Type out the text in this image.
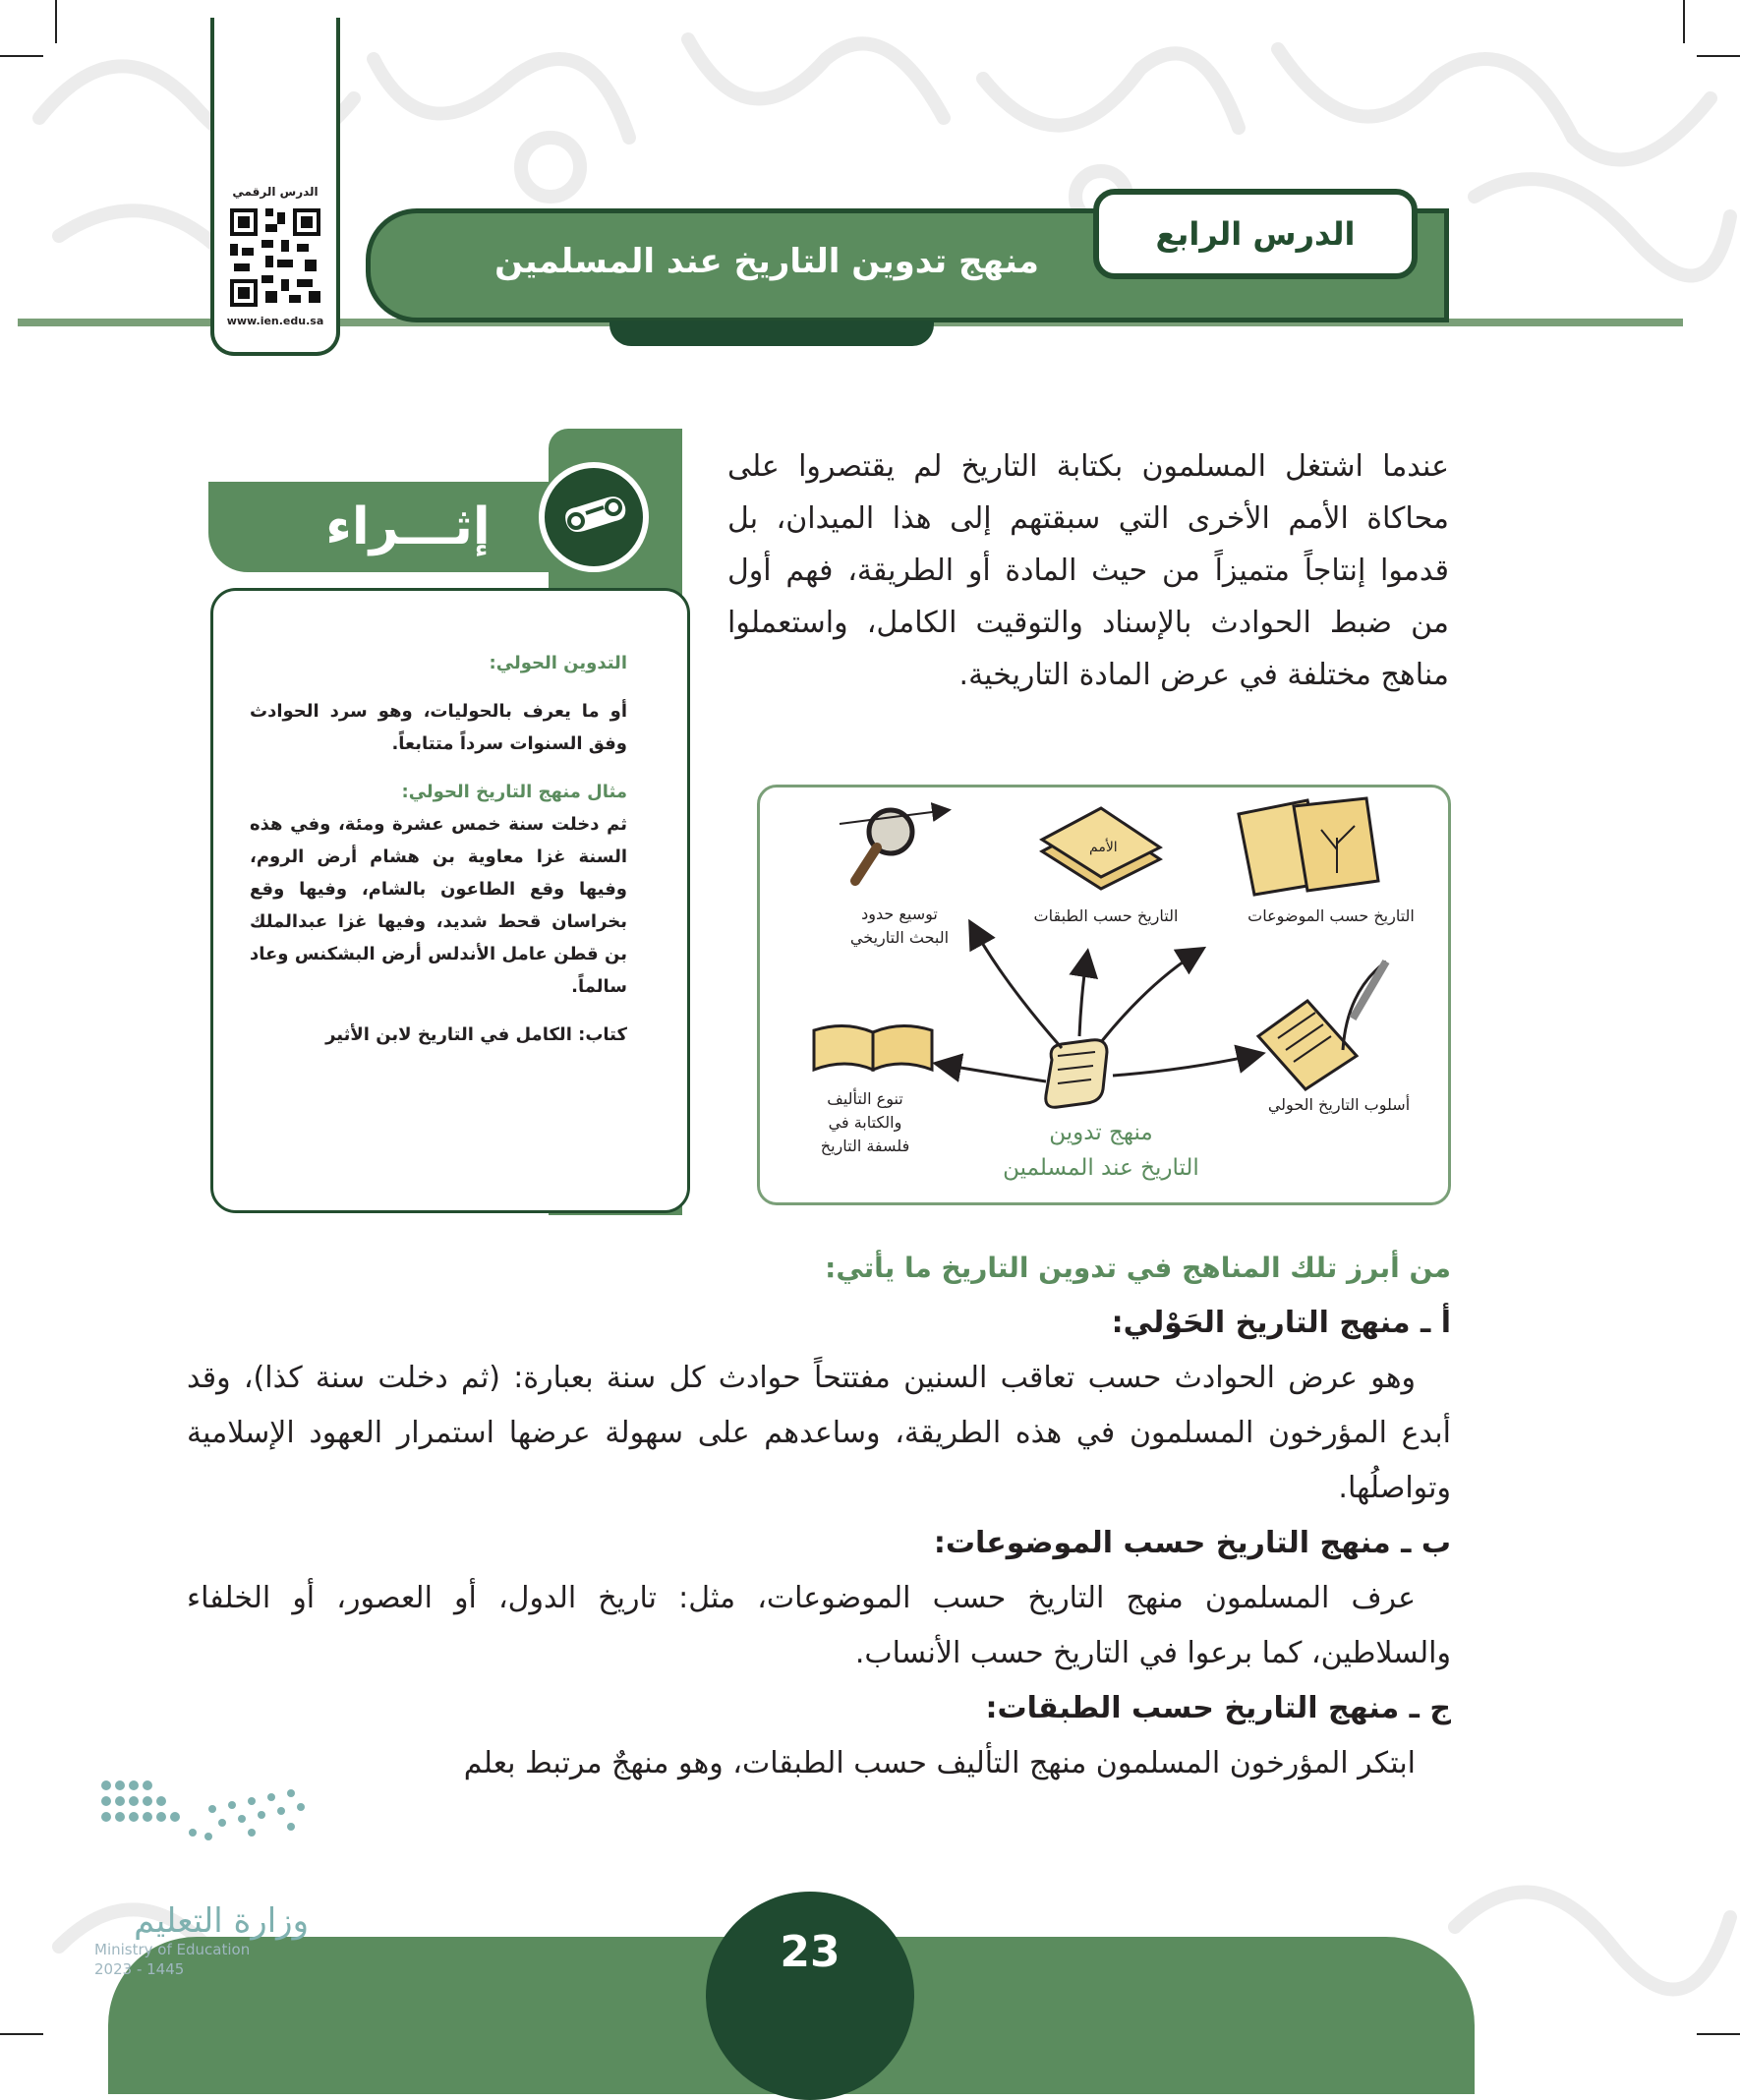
منهج تدوين التاريخ عند المسلمين
الدرس الرابع
الدرس الرقمي
www.ien.edu.sa
إثـــراء

التدوين الحولي:

أو ما يعرف بالحوليات، وهو سرد الحوادث وفق السنوات سرداً متتابعاً.

مثال منهج التاريخ الحولي:
ثم دخلت سنة خمس عشرة ومئة، وفي هذه السنة غزا معاوية بن هشام أرض الروم، وفيها وقع الطاعون بالشام، وفيها وقع بخراسان قحط شديد، وفيها غزا عبدالملك بن قطن عامل الأندلس أرض البشكنس وعاد سالماً.

كتاب: الكامل في التاريخ لابن الأثير

عندما اشتغل المسلمون بكتابة التاريخ لم يقتصروا على محاكاة الأمم الأخرى التي سبقتهم إلى هذا الميدان، بل قدموا إنتاجاً متميزاً من حيث المادة أو الطريقة، فهم أول من ضبط الحوادث بالإسناد والتوقيت الكامل، واستعملوا مناهج مختلفة في عرض المادة التاريخية.
الأمم
توسيع حدود
البحث التاريخي
التاريخ حسب الطبقات	التاريخ حسب الموضوعات
أسلوب التاريخ الحولي
تنوع التأليف
والكتابة في
فلسفة التاريخ
منهج تدوين
التاريخ عند المسلمين
من أبرز تلك المناهج في تدوين التاريخ ما يأتي:
أ ـ منهج التاريخ الحَوْلي:

وهو عرض الحوادث حسب تعاقب السنين مفتتحاً حوادث كل سنة بعبارة: (ثم دخلت سنة كذا)، وقد أبدع المؤرخون المسلمون في هذه الطريقة، وساعدهم على سهولة عرضها استمرار العهود الإسلامية وتواصلُها.

ب ـ منهج التاريخ حسب الموضوعات:

عرف المسلمون منهج التاريخ حسب الموضوعات، مثل: تاريخ الدول، أو العصور، أو الخلفاء والسلاطين، كما برعوا في التاريخ حسب الأنساب.

ج ـ منهج التاريخ حسب الطبقات:

ابتكر المؤرخون المسلمون منهج التأليف حسب الطبقات، وهو منهجٌ مرتبط بعلم

23
وزارة التعليم
Ministry of Education
2023 - 1445
